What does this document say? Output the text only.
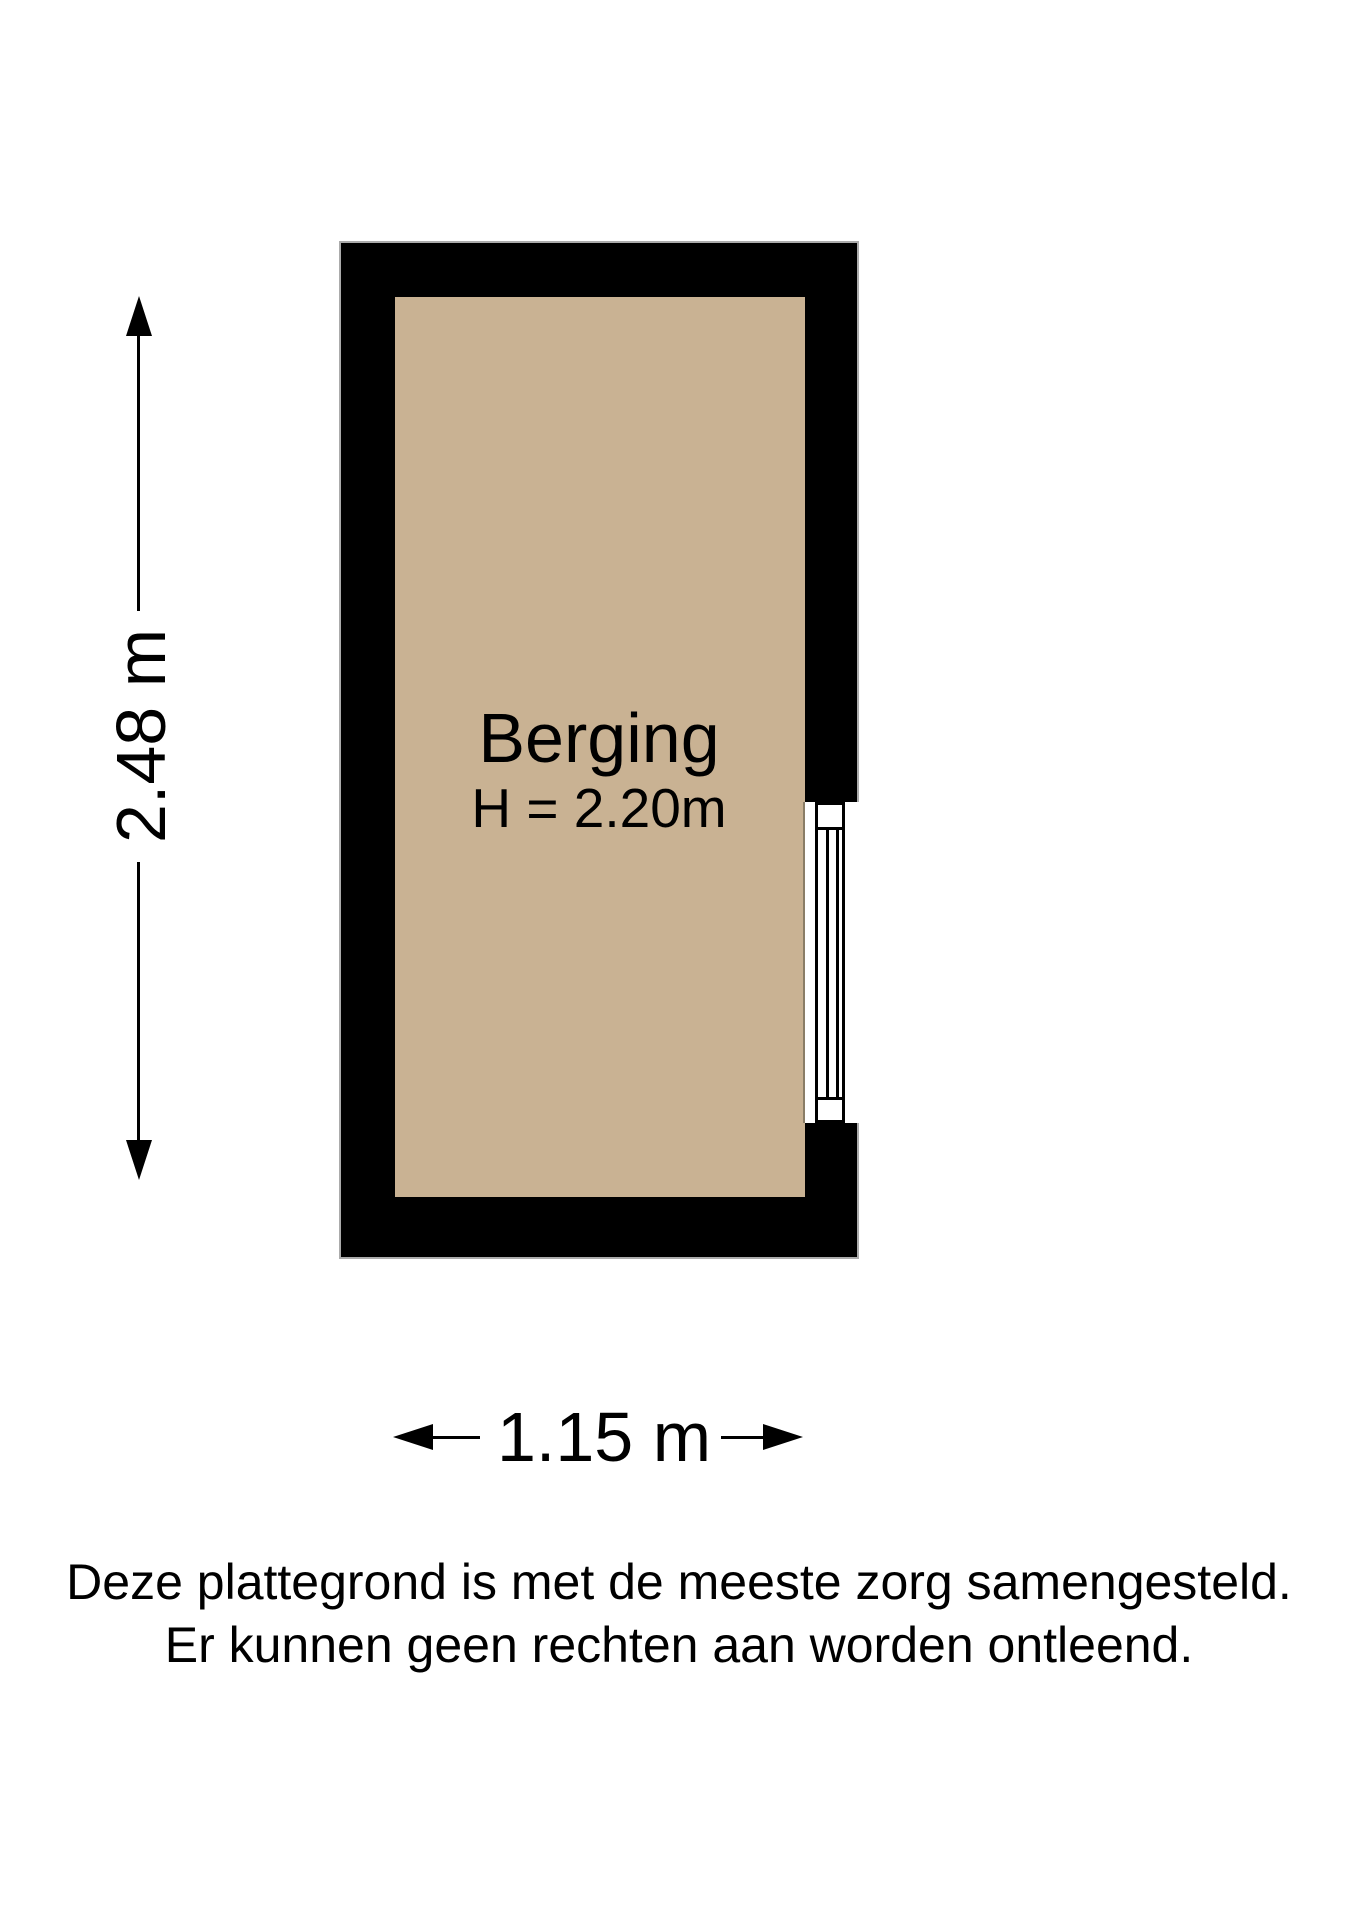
Berging
H = 2.20m
2.48 m
1.15 m
Deze plattegrond is met de meeste zorg samengesteld.
Er kunnen geen rechten aan worden ontleend.
